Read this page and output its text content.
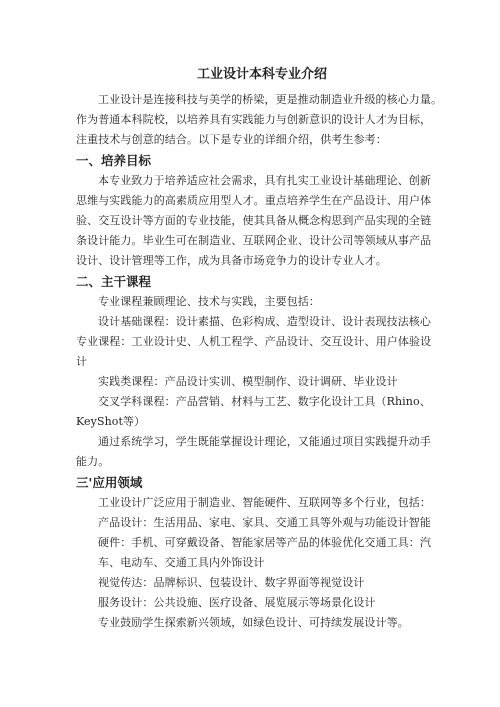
工业设计本科专业介绍
工业设计是连接科技与美学的桥梁，更是推动制造业升级的核心力量。
作为普通本科院校，以培养具有实践能力与创新意识的设计人才为目标，
注重技术与创意的结合。以下是专业的详细介绍，供考生参考：
一、培养目标
本专业致力于培养适应社会需求，具有扎实工业设计基础理论、创新
思维与实践能力的高素质应用型人才。重点培养学生在产品设计、用户体
验、交互设计等方面的专业技能，使其具备从概念构思到产品实现的全链
条设计能力。毕业生可在制造业、互联网企业、设计公司等领域从事产品
设计、设计管理等工作，成为具备市场竞争力的设计专业人才。
二、主干课程
专业课程兼顾理论、技术与实践，主要包括：
设计基础课程：设计素描、色彩构成、造型设计、设计表现技法核心
专业课程：工业设计史、人机工程学、产品设计、交互设计、用户体验设
计
实践类课程：产品设计实训、模型制作、设计调研、毕业设计
交叉学科课程：产品营销、材料与工艺、数字化设计工具（Rhino、
KeyShot等）
通过系统学习，学生既能掌握设计理论，又能通过项目实践提升动手
能力。
三'应用领域
工业设计广泛应用于制造业、智能硬件、互联网等多个行业，包括：
产品设计：生活用品、家电、家具、交通工具等外观与功能设计智能
硬件：手机、可穿戴设备、智能家居等产品的体验优化交通工具：汽
车、电动车、交通工具内外饰设计
视觉传达：品牌标识、包装设计、数字界面等视觉设计
服务设计：公共设施、医疗设备、展览展示等场景化设计
专业鼓励学生探索新兴领域，如绿色设计、可持续发展设计等。
